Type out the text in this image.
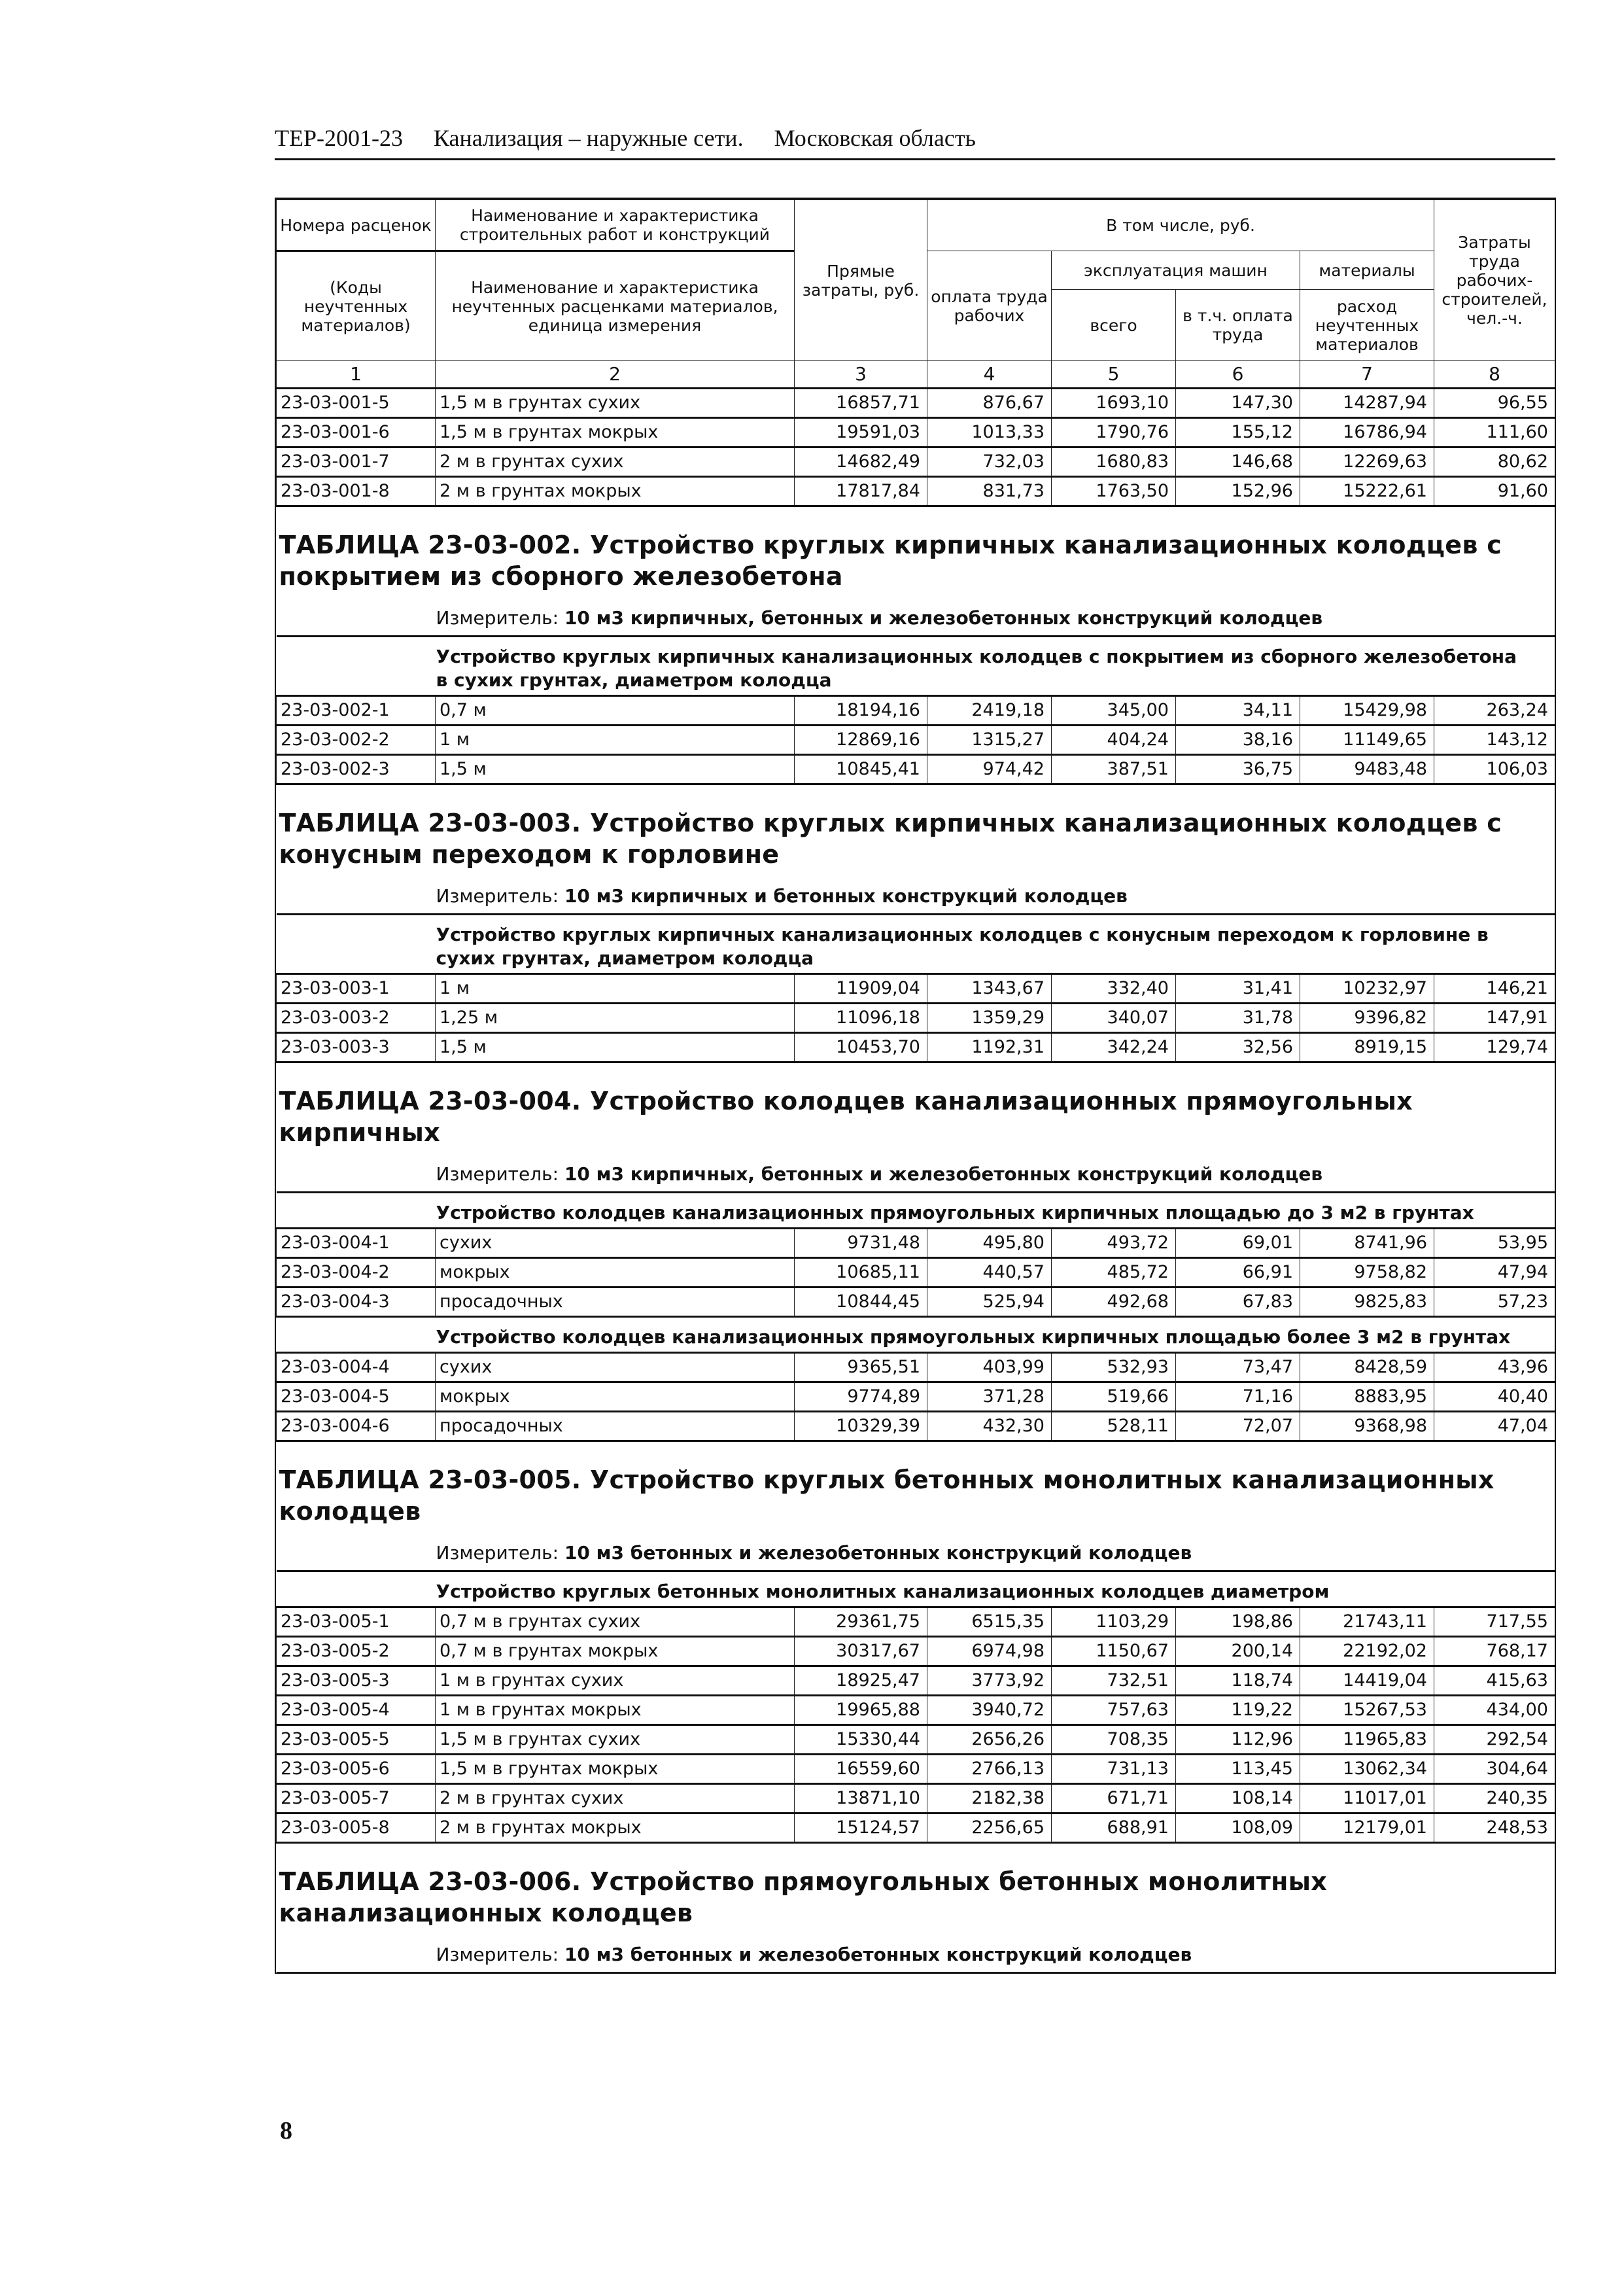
ТЕР-2001-23 Канализация – наружные сети. Московская область
Номера расценок	Наименование и характеристика строительных работ и конструкций	Прямые затраты, руб.	В том числе, руб.				Затраты труда рабочих-строителей, чел.-ч.
(Коды неучтенных материалов)	Наименование и характеристика неучтенных расценками материалов, единица измерения		оплата труда рабочих	эксплуатация машин		материалы	
				всего	в т.ч. оплата труда	расход неучтенных материалов	
1	2	3	4	5	6	7	8
23-03-001-5	1,5 м в грунтах сухих	16857,71	876,67	1693,10	147,30	14287,94	96,55
23-03-001-6	1,5 м в грунтах мокрых	19591,03	1013,33	1790,76	155,12	16786,94	111,60
23-03-001-7	2 м в грунтах сухих	14682,49	732,03	1680,83	146,68	12269,63	80,62
23-03-001-8	2 м в грунтах мокрых	17817,84	831,73	1763,50	152,96	15222,61	91,60

ТАБЛИЦА 23-03-002. Устройство круглых кирпичных канализационных колодцев с покрытием из сборного железобетона
Измеритель: 10 м3 кирпичных, бетонных и железобетонных конструкций колодцев							

Устройство круглых кирпичных канализационных колодцев с покрытием из сборного железобетона в сухих грунтах, диаметром колодца							
23-03-002-1	0,7 м	18194,16	2419,18	345,00	34,11	15429,98	263,24
23-03-002-2	1 м	12869,16	1315,27	404,24	38,16	11149,65	143,12
23-03-002-3	1,5 м	10845,41	974,42	387,51	36,75	9483,48	106,03

ТАБЛИЦА 23-03-003. Устройство круглых кирпичных канализационных колодцев с конусным переходом к горловине
Измеритель: 10 м3 кирпичных и бетонных конструкций колодцев							

Устройство круглых кирпичных канализационных колодцев с конусным переходом к горловине в сухих грунтах, диаметром колодца							
23-03-003-1	1 м	11909,04	1343,67	332,40	31,41	10232,97	146,21
23-03-003-2	1,25 м	11096,18	1359,29	340,07	31,78	9396,82	147,91
23-03-003-3	1,5 м	10453,70	1192,31	342,24	32,56	8919,15	129,74

ТАБЛИЦА 23-03-004. Устройство колодцев канализационных прямоугольных кирпичных
Измеритель: 10 м3 кирпичных, бетонных и железобетонных конструкций колодцев							

Устройство колодцев канализационных прямоугольных кирпичных площадью до 3 м2 в грунтах							
23-03-004-1	сухих	9731,48	495,80	493,72	69,01	8741,96	53,95
23-03-004-2	мокрых	10685,11	440,57	485,72	66,91	9758,82	47,94
23-03-004-3	просадочных	10844,45	525,94	492,68	67,83	9825,83	57,23
Устройство колодцев канализационных прямоугольных кирпичных площадью более 3 м2 в грунтах							
23-03-004-4	сухих	9365,51	403,99	532,93	73,47	8428,59	43,96
23-03-004-5	мокрых	9774,89	371,28	519,66	71,16	8883,95	40,40
23-03-004-6	просадочных	10329,39	432,30	528,11	72,07	9368,98	47,04

ТАБЛИЦА 23-03-005. Устройство круглых бетонных монолитных канализационных колодцев
Измеритель: 10 м3 бетонных и железобетонных конструкций колодцев							

Устройство круглых бетонных монолитных канализационных колодцев диаметром							
23-03-005-1	0,7 м в грунтах сухих	29361,75	6515,35	1103,29	198,86	21743,11	717,55
23-03-005-2	0,7 м в грунтах мокрых	30317,67	6974,98	1150,67	200,14	22192,02	768,17
23-03-005-3	1 м в грунтах сухих	18925,47	3773,92	732,51	118,74	14419,04	415,63
23-03-005-4	1 м в грунтах мокрых	19965,88	3940,72	757,63	119,22	15267,53	434,00
23-03-005-5	1,5 м в грунтах сухих	15330,44	2656,26	708,35	112,96	11965,83	292,54
23-03-005-6	1,5 м в грунтах мокрых	16559,60	2766,13	731,13	113,45	13062,34	304,64
23-03-005-7	2 м в грунтах сухих	13871,10	2182,38	671,71	108,14	11017,01	240,35
23-03-005-8	2 м в грунтах мокрых	15124,57	2256,65	688,91	108,09	12179,01	248,53

ТАБЛИЦА 23-03-006. Устройство прямоугольных бетонных монолитных канализационных колодцев
Измеритель: 10 м3 бетонных и железобетонных конструкций колодцев							
8
